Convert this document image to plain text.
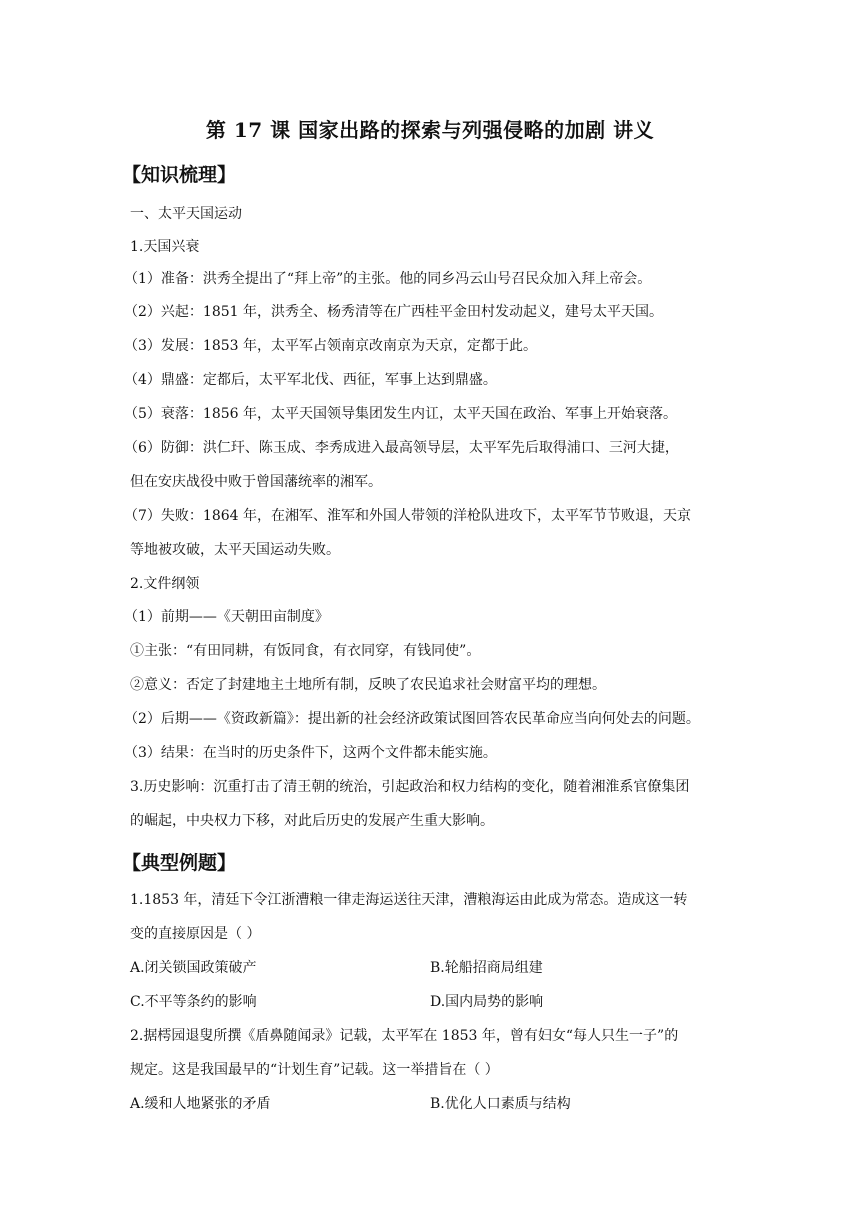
第 17 课 国家出路的探索与列强侵略的加剧 讲义
【知识梳理】
一、太平天国运动
1.天国兴衰
（1）准备：洪秀全提出了“拜上帝”的主张。他的同乡冯云山号召民众加入拜上帝会。
（2）兴起：1851 年，洪秀全、杨秀清等在广西桂平金田村发动起义，建号太平天国。
（3）发展：1853 年，太平军占领南京改南京为天京，定都于此。
（4）鼎盛：定都后，太平军北伐、西征，军事上达到鼎盛。
（5）衰落：1856 年，太平天国领导集团发生内讧，太平天国在政治、军事上开始衰落。
（6）防御：洪仁玕、陈玉成、李秀成进入最高领导层，太平军先后取得浦口、三河大捷，
但在安庆战役中败于曾国藩统率的湘军。
（7）失败：1864 年，在湘军、淮军和外国人带领的洋枪队进攻下，太平军节节败退，天京
等地被攻破，太平天国运动失败。
2.文件纲领
（1）前期——《天朝田亩制度》
①主张：“有田同耕，有饭同食，有衣同穿，有钱同使”。
②意义：否定了封建地主土地所有制，反映了农民追求社会财富平均的理想。
（2）后期——《资政新篇》：提出新的社会经济政策试图回答农民革命应当向何处去的问题。
（3）结果：在当时的历史条件下，这两个文件都未能实施。
3.历史影响：沉重打击了清王朝的统治，引起政治和权力结构的变化，随着湘淮系官僚集团
的崛起，中央权力下移，对此后历史的发展产生重大影响。
【典型例题】
1.1853 年，清廷下令江浙漕粮一律走海运送往天津，漕粮海运由此成为常态。造成这一转
变的直接原因是（ ）
A.闭关锁国政策破产	B.轮船招商局组建
C.不平等条约的影响	D.国内局势的影响
2.据樗园退叟所撰《盾鼻随闻录》记载，太平军在 1853 年，曾有妇女“每人只生一子”的
规定。这是我国最早的“计划生育”记载。这一举措旨在（ ）
A.缓和人地紧张的矛盾	B.优化人口素质与结构
